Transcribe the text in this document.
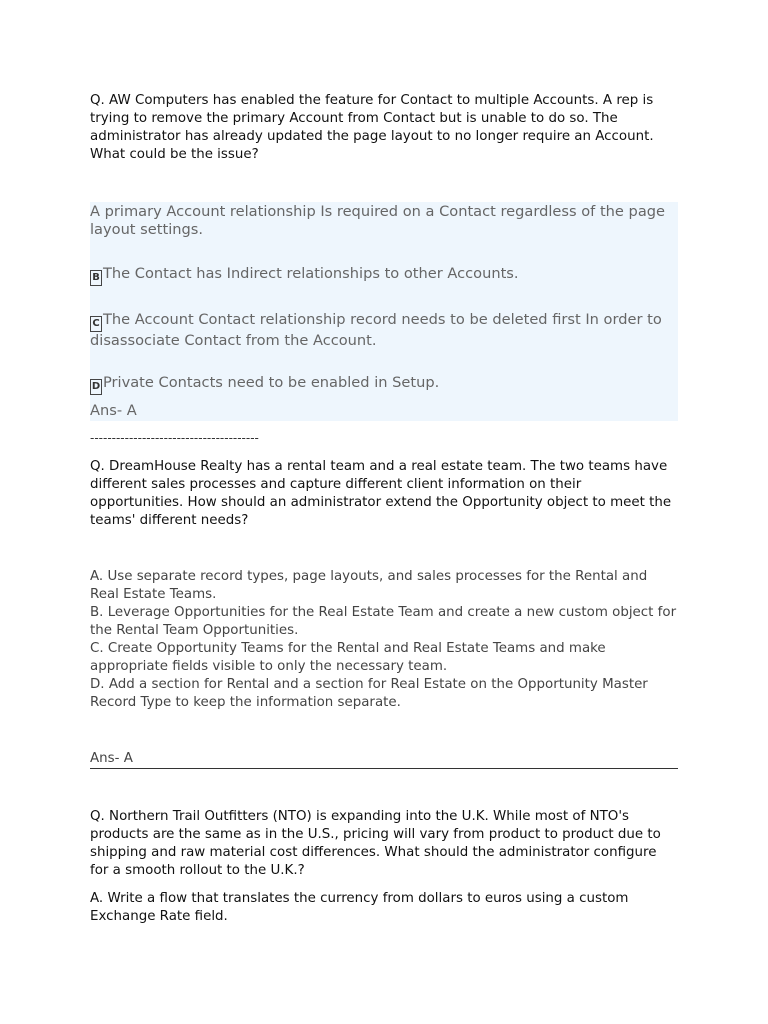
Q. AW Computers has enabled the feature for Contact to multiple Accounts. A rep is trying to remove the primary Account from Contact but is unable to do so. The administrator has already updated the page layout to no longer require an Account. What could be the issue?

A primary Account relationship Is required on a Contact regardless of the page layout settings.

B The Contact has Indirect relationships to other Accounts.

C The Account Contact relationship record needs to be deleted first In order to disassociate Contact from the Account.

D Private Contacts need to be enabled in Setup.

Ans- A

---------------------------------------

Q. DreamHouse Realty has a rental team and a real estate team. The two teams have different sales processes and capture different client information on their opportunities. How should an administrator extend the Opportunity object to meet the teams' different needs?

A. Use separate record types, page layouts, and sales processes for the Rental and Real Estate Teams.
B. Leverage Opportunities for the Real Estate Team and create a new custom object for the Rental Team Opportunities.
C. Create Opportunity Teams for the Rental and Real Estate Teams and make appropriate fields visible to only the necessary team.
D. Add a section for Rental and a section for Real Estate on the Opportunity Master Record Type to keep the information separate.
Ans- A

Q. Northern Trail Outfitters (NTO) is expanding into the U.K. While most of NTO's products are the same as in the U.S., pricing will vary from product to product due to shipping and raw material cost differences. What should the administrator configure for a smooth rollout to the U.K.?

A. Write a flow that translates the currency from dollars to euros using a custom Exchange Rate field.
